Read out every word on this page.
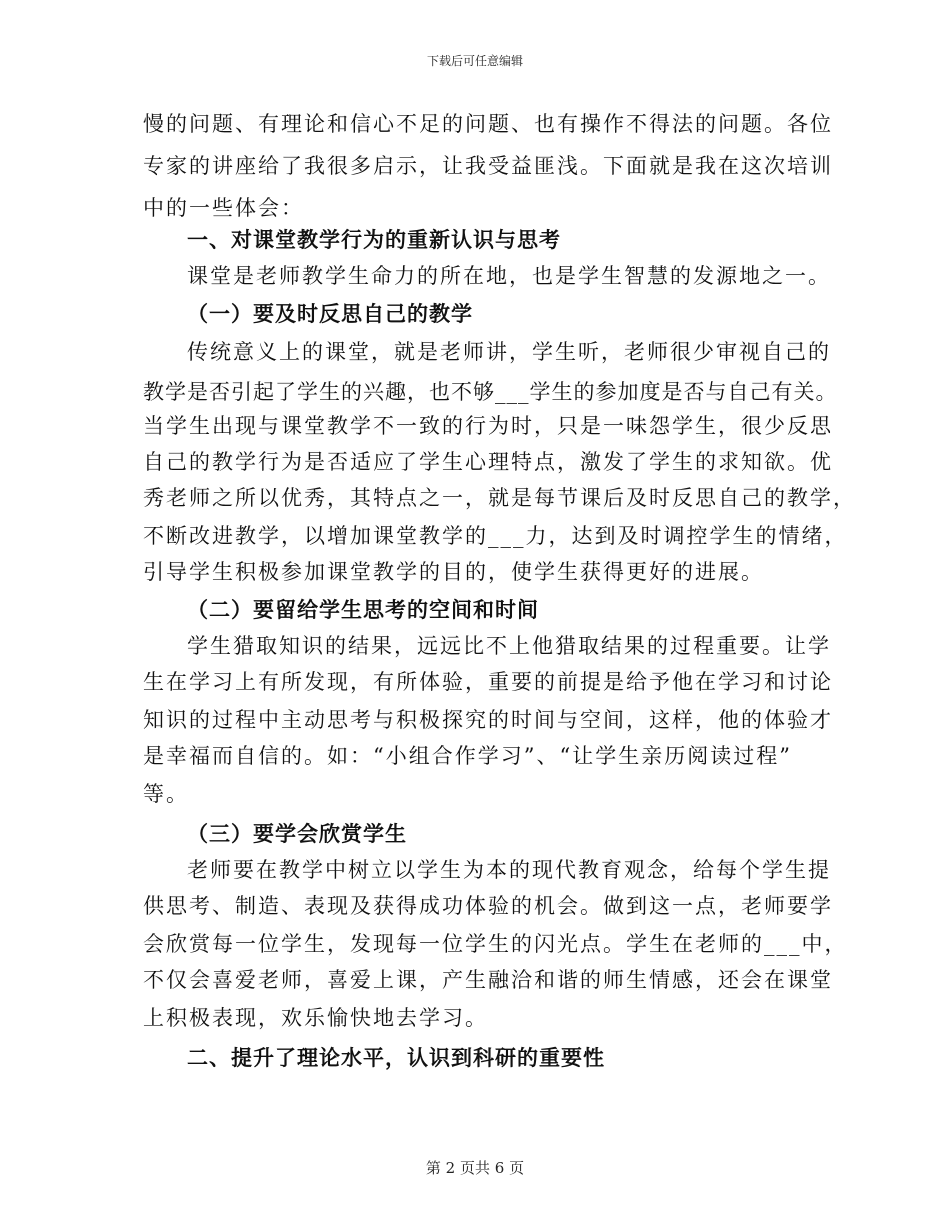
下载后可任意编辑
慢的问题、有理论和信心不足的问题、也有操作不得法的问题。各位
专家的讲座给了我很多启示，让我受益匪浅。下面就是我在这次培训
中的一些体会：
一、对课堂教学行为的重新认识与思考
课堂是老师教学生命力的所在地，也是学生智慧的发源地之一。
（一）要及时反思自己的教学
传统意义上的课堂，就是老师讲，学生听，老师很少审视自己的
教学是否引起了学生的兴趣，也不够___学生的参加度是否与自己有关。
当学生出现与课堂教学不一致的行为时，只是一味怨学生，很少反思
自己的教学行为是否适应了学生心理特点，激发了学生的求知欲。优
秀老师之所以优秀，其特点之一，就是每节课后及时反思自己的教学，
不断改进教学，以增加课堂教学的___力，达到及时调控学生的情绪，
引导学生积极参加课堂教学的目的，使学生获得更好的进展。
（二）要留给学生思考的空间和时间
学生猎取知识的结果，远远比不上他猎取结果的过程重要。让学
生在学习上有所发现，有所体验，重要的前提是给予他在学习和讨论
知识的过程中主动思考与积极探究的时间与空间，这样，他的体验才
是幸福而自信的。如：“小组合作学习”、“让学生亲历阅读过程”
等。
（三）要学会欣赏学生
老师要在教学中树立以学生为本的现代教育观念，给每个学生提
供思考、制造、表现及获得成功体验的机会。做到这一点，老师要学
会欣赏每一位学生，发现每一位学生的闪光点。学生在老师的___中，
不仅会喜爱老师，喜爱上课，产生融洽和谐的师生情感，还会在课堂
上积极表现，欢乐愉快地去学习。
二、提升了理论水平，认识到科研的重要性
第 2 页共 6 页
